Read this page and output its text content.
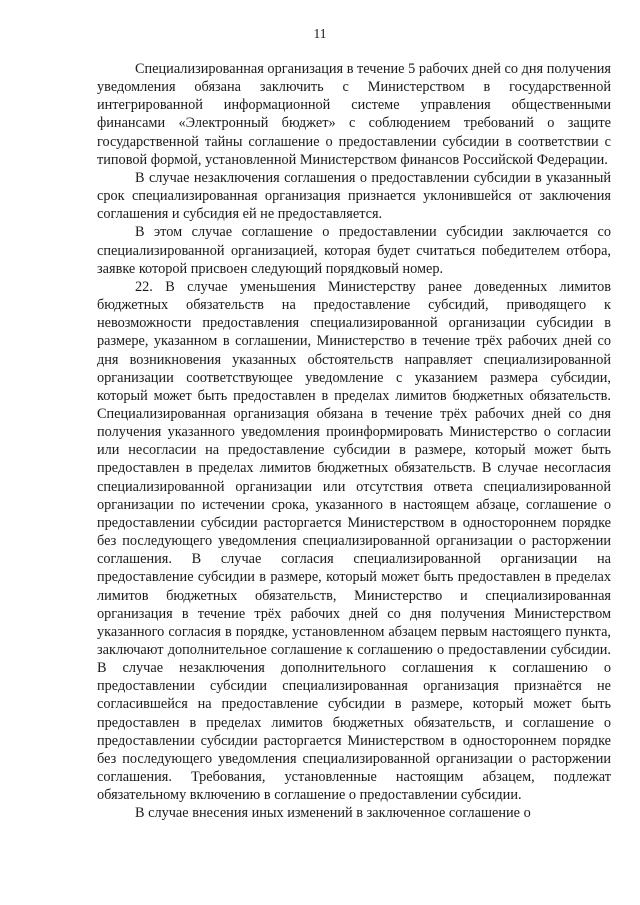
11

Специализированная организация в течение 5 рабочих дней со дня получения уведомления обязана заключить с Министерством в государственной интегрированной информационной системе управления общественными финансами «Электронный бюджет» с соблюдением требований о защите государственной тайны соглашение о предоставлении субсидии в соответствии с типовой формой, установленной Министерством финансов Российской Федерации.

В случае незаключения соглашения о предоставлении субсидии в указанный срок специализированная организация признается уклонившейся от заключения соглашения и субсидия ей не предоставляется.

В этом случае соглашение о предоставлении субсидии заключается со специализированной организацией, которая будет считаться победителем отбора, заявке которой присвоен следующий порядковый номер.

22. В случае уменьшения Министерству ранее доведенных лимитов бюджетных обязательств на предоставление субсидий, приводящего к невозможности предоставления специализированной организации субсидии в размере, указанном в соглашении, Министерство в течение трёх рабочих дней со дня возникновения указанных обстоятельств направляет специализированной организации соответствующее уведомление с указанием размера субсидии, который может быть предоставлен в пределах лимитов бюджетных обязательств. Специализированная организация обязана в течение трёх рабочих дней со дня получения указанного уведомления проинформировать Министерство о согласии или несогласии на предоставление субсидии в размере, который может быть предоставлен в пределах лимитов бюджетных обязательств. В случае несогласия специализированной организации или отсутствия ответа специализированной организации по истечении срока, указанного в настоящем абзаце, соглашение о предоставлении субсидии расторгается Министерством в одностороннем порядке без последующего уведомления специализированной организации о расторжении соглашения. В случае согласия специализированной организации на предоставление субсидии в размере, который может быть предоставлен в пределах лимитов бюджетных обязательств, Министерство и специализированная организация в течение трёх рабочих дней со дня получения Министерством указанного согласия в порядке, установленном абзацем первым настоящего пункта, заключают дополнительное соглашение к соглашению о предоставлении субсидии. В случае незаключения дополнительного соглашения к соглашению о предоставлении субсидии специализированная организация признаётся не согласившейся на предоставление субсидии в размере, который может быть предоставлен в пределах лимитов бюджетных обязательств, и соглашение о предоставлении субсидии расторгается Министерством в одностороннем порядке без последующего уведомления специализированной организации о расторжении соглашения. Требования, установленные настоящим абзацем, подлежат обязательному включению в соглашение о предоставлении субсидии.

В случае внесения иных изменений в заключенное соглашение о
